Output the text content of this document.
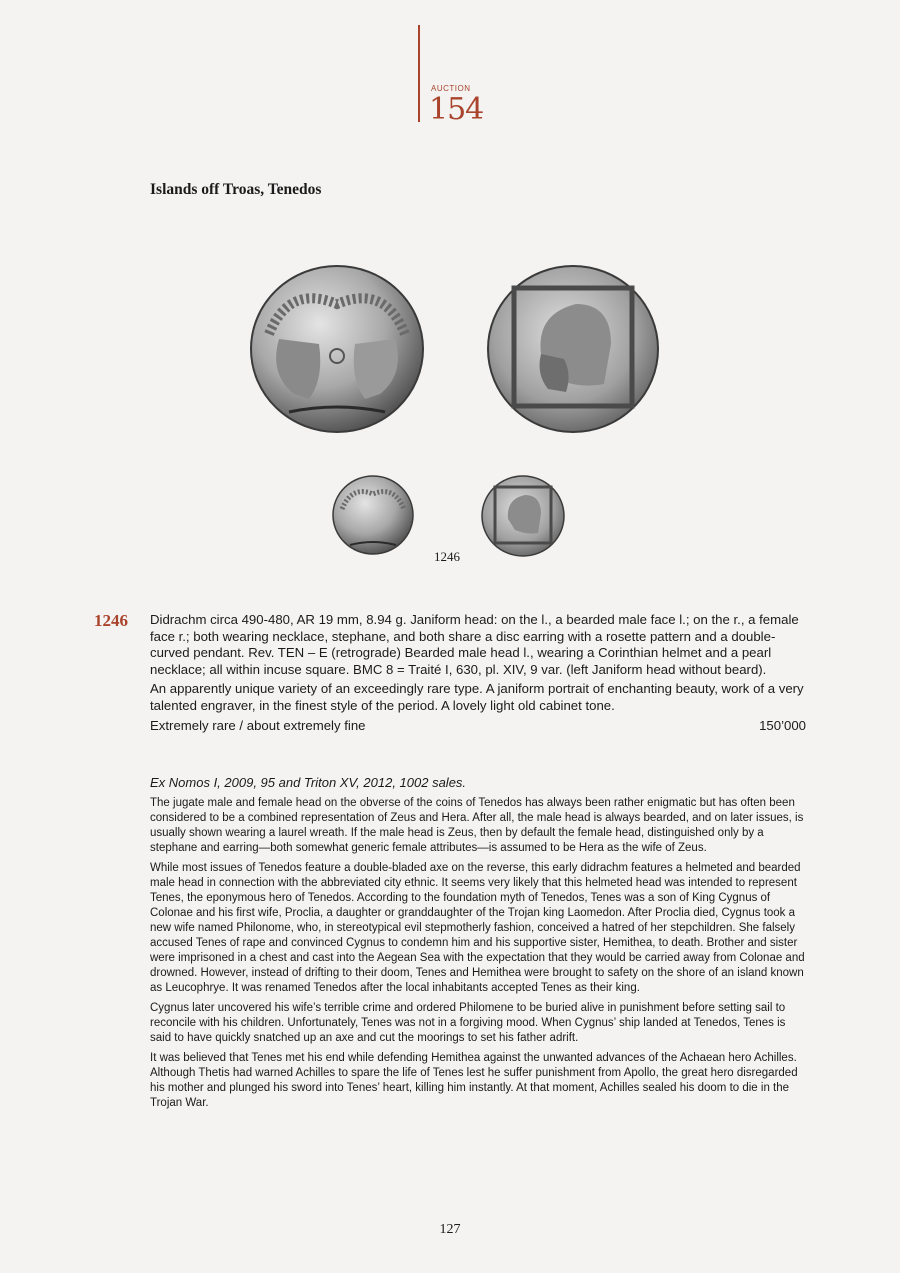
AUCTION
154
Islands off Troas, Tenedos
1246
1246 Didrachm circa 490-480, AR 19 mm, 8.94 g. Janiform head: on the l., a bearded male face l.; on the r., a female face r.; both wearing necklace, stephane, and both share a disc earring with a rosette pattern and a double-curved pendant. Rev. TEN – E (retrograde) Bearded male head l., wearing a Corinthian helmet and a pearl necklace; all within incuse square. BMC 8 = Traité I, 630, pl. XIV, 9 var. (left Janiform head without beard).

An apparently unique variety of an exceedingly rare type. A janiform portrait of enchanting beauty, work of a very talented engraver, in the finest style of the period. A lovely light old cabinet tone.

Extremely rare / about extremely fine	150’000
Ex Nomos I, 2009, 95 and Triton XV, 2012, 1002 sales.

The jugate male and female head on the obverse of the coins of Tenedos has always been rather enigmatic but has often been considered to be a combined representation of Zeus and Hera. After all, the male head is always bearded, and on later issues, is usually shown wearing a laurel wreath. If the male head is Zeus, then by default the female head, distinguished only by a stephane and earring—both somewhat generic female attributes—is assumed to be Hera as the wife of Zeus.

While most issues of Tenedos feature a double-bladed axe on the reverse, this early didrachm features a helmeted and bearded male head in connection with the abbreviated city ethnic. It seems very likely that this helmeted head was intended to represent Tenes, the eponymous hero of Tenedos. According to the foundation myth of Tenedos, Tenes was a son of King Cygnus of Colonae and his first wife, Proclia, a daughter or granddaughter of the Trojan king Laomedon. After Proclia died, Cygnus took a new wife named Philonome, who, in stereotypical evil stepmotherly fashion, conceived a hatred of her stepchildren. She falsely accused Tenes of rape and convinced Cygnus to condemn him and his supportive sister, Hemithea, to death. Brother and sister were imprisoned in a chest and cast into the Aegean Sea with the expectation that they would be carried away from Colonae and drowned. However, instead of drifting to their doom, Tenes and Hemithea were brought to safety on the shore of an island known as Leucophrye. It was renamed Tenedos after the local inhabitants accepted Tenes as their king.

Cygnus later uncovered his wife’s terrible crime and ordered Philomene to be buried alive in punishment before setting sail to reconcile with his children. Unfortunately, Tenes was not in a forgiving mood. When Cygnus’ ship landed at Tenedos, Tenes is said to have quickly snatched up an axe and cut the moorings to set his father adrift.

It was believed that Tenes met his end while defending Hemithea against the unwanted advances of the Achaean hero Achilles. Although Thetis had warned Achilles to spare the life of Tenes lest he suffer punishment from Apollo, the great hero disregarded his mother and plunged his sword into Tenes’ heart, killing him instantly. At that moment, Achilles sealed his doom to die in the Trojan War.

127
